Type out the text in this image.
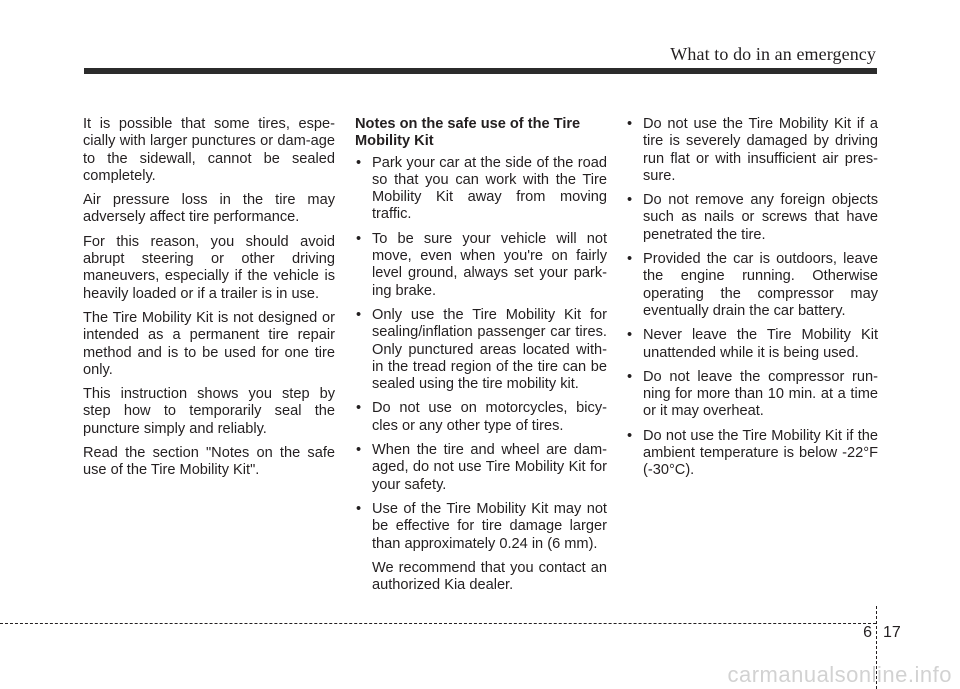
What to do in an emergency

It is possible that some tires, espe-cially with larger punctures or dam-age to the sidewall, cannot be sealed completely.

Air pressure loss in the tire may adversely affect tire performance.

For this reason, you should avoid abrupt steering or other driving maneuvers, especially if the vehicle is heavily loaded or if a trailer is in use.

The Tire Mobility Kit is not designed or intended as a permanent tire repair method and is to be used for one tire only.

This instruction shows you step by step how to temporarily seal the puncture simply and reliably.

Read the section "Notes on the safe use of the Tire Mobility Kit".

Notes on the safe use of the Tire Mobility Kit
• Park your car at the side of the road so that you can work with the Tire Mobility Kit away from moving traffic.
• To be sure your vehicle will not move, even when you're on fairly level ground, always set your park-ing brake.
• Only use the Tire Mobility Kit for sealing/inflation passenger car tires. Only punctured areas located with-in the tread region of the tire can be sealed using the tire mobility kit.
• Do not use on motorcycles, bicy-cles or any other type of tires.
• When the tire and wheel are dam-aged, do not use Tire Mobility Kit for your safety.
• Use of the Tire Mobility Kit may not be effective for tire damage larger than approximately 0.24 in (6 mm).
We recommend that you contact an authorized Kia dealer.
• Do not use the Tire Mobility Kit if a tire is severely damaged by driving run flat or with insufficient air pres-sure.
• Do not remove any foreign objects such as nails or screws that have penetrated the tire.
• Provided the car is outdoors, leave the engine running. Otherwise operating the compressor may eventually drain the car battery.
• Never leave the Tire Mobility Kit unattended while it is being used.
• Do not leave the compressor run-ning for more than 10 min. at a time or it may overheat.
• Do not use the Tire Mobility Kit if the ambient temperature is below -22°F (-30°C).
6 17
carmanualsonline.info
